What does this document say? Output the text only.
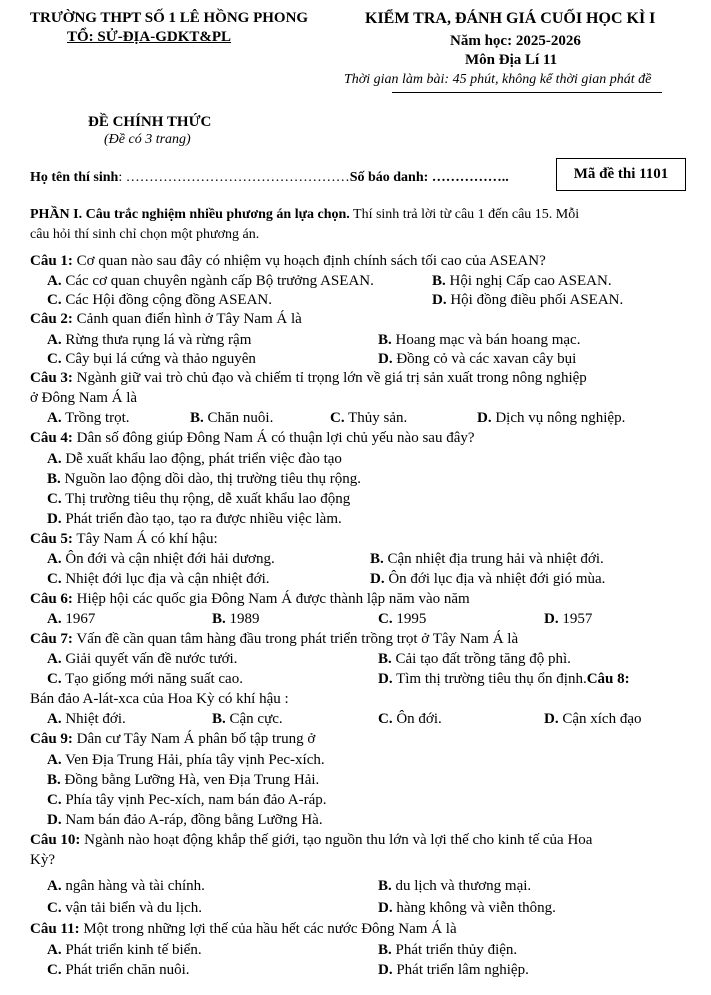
TRƯỜNG THPT SỐ 1 LÊ HỒNG PHONG
TỔ: SỬ-ĐỊA-GDKT&PL
KIỂM TRA, ĐÁNH GIÁ CUỐI HỌC KÌ I
Năm học: 2025-2026
Môn Địa Lí 11
Thời gian làm bài: 45 phút, không kể thời gian phát đề
ĐỀ CHÍNH THỨC
(Đề có 3 trang)
Họ tên thí sinh: …………………………………………Số báo danh: ……………..	Mã đề thi 1101
PHẦN I. Câu trắc nghiệm nhiều phương án lựa chọn. Thí sinh trả lời từ câu 1 đến câu 15. Mỗi
câu hỏi thí sinh chỉ chọn một phương án.
Câu 1: Cơ quan nào sau đây có nhiệm vụ hoạch định chính sách tối cao của ASEAN?
A. Các cơ quan chuyên ngành cấp Bộ trưởng ASEAN.	B. Hội nghị Cấp cao ASEAN.
C. Các Hội đồng cộng đồng ASEAN.	D. Hội đồng điều phối ASEAN.
Câu 2: Cảnh quan điển hình ở Tây Nam Á là
A. Rừng thưa rụng lá và rừng rậm	B. Hoang mạc và bán hoang mạc.
C. Cây bụi lá cứng và thảo nguyên	D. Đồng cỏ và các xavan cây bụi
Câu 3: Ngành giữ vai trò chủ đạo và chiếm tỉ trọng lớn về giá trị sản xuất trong nông nghiệp
ở Đông Nam Á là
A. Trồng trọt.	B. Chăn nuôi.	C. Thủy sản.	D. Dịch vụ nông nghiệp.
Câu 4: Dân số đông giúp Đông Nam Á có thuận lợi chủ yếu nào sau đây?
A. Dễ xuất khẩu lao động, phát triển việc đào tạo
B. Nguồn lao động dồi dào, thị trường tiêu thụ rộng.
C. Thị trường tiêu thụ rộng, dễ xuất khẩu lao động
D. Phát triển đào tạo, tạo ra được nhiều việc làm.
Câu 5: Tây Nam Á có khí hậu:
A. Ôn đới và cận nhiệt đới hải dương.	B. Cận nhiệt địa trung hải và nhiệt đới.
C. Nhiệt đới lục địa và cận nhiệt đới.	D. Ôn đới lục địa và nhiệt đới gió mùa.
Câu 6: Hiệp hội các quốc gia Đông Nam Á được thành lập năm vào năm
A. 1967	B. 1989	C. 1995	D. 1957
Câu 7: Vấn đề cần quan tâm hàng đầu trong phát triển trồng trọt ở Tây Nam Á là
A. Giải quyết vấn đề nước tưới.	B. Cải tạo đất trồng tăng độ phì.
C. Tạo giống mới năng suất cao.	D. Tìm thị trường tiêu thụ ổn định.Câu 8:
Bán đảo A-lát-xca của Hoa Kỳ có khí hậu :
A. Nhiệt đới.	B. Cận cực.	C. Ôn đới.	D. Cận xích đạo
Câu 9: Dân cư Tây Nam Á phân bố tập trung ở
A. Ven Địa Trung Hải, phía tây vịnh Pec-xích.
B. Đồng bằng Lưỡng Hà, ven Địa Trung Hải.
C. Phía tây vịnh Pec-xích, nam bán đảo A-ráp.
D. Nam bán đảo A-ráp, đồng bằng Lưỡng Hà.
Câu 10: Ngành nào hoạt động khắp thế giới, tạo nguồn thu lớn và lợi thế cho kinh tế của Hoa
Kỳ?
A. ngân hàng và tài chính.	B. du lịch và thương mại.
C. vận tải biển và du lịch.	D. hàng không và viễn thông.
Câu 11: Một trong những lợi thế của hầu hết các nước Đông Nam Á là
A. Phát triển kinh tế biển.	B. Phát triển thủy điện.
C. Phát triển chăn nuôi.	D. Phát triển lâm nghiệp.
